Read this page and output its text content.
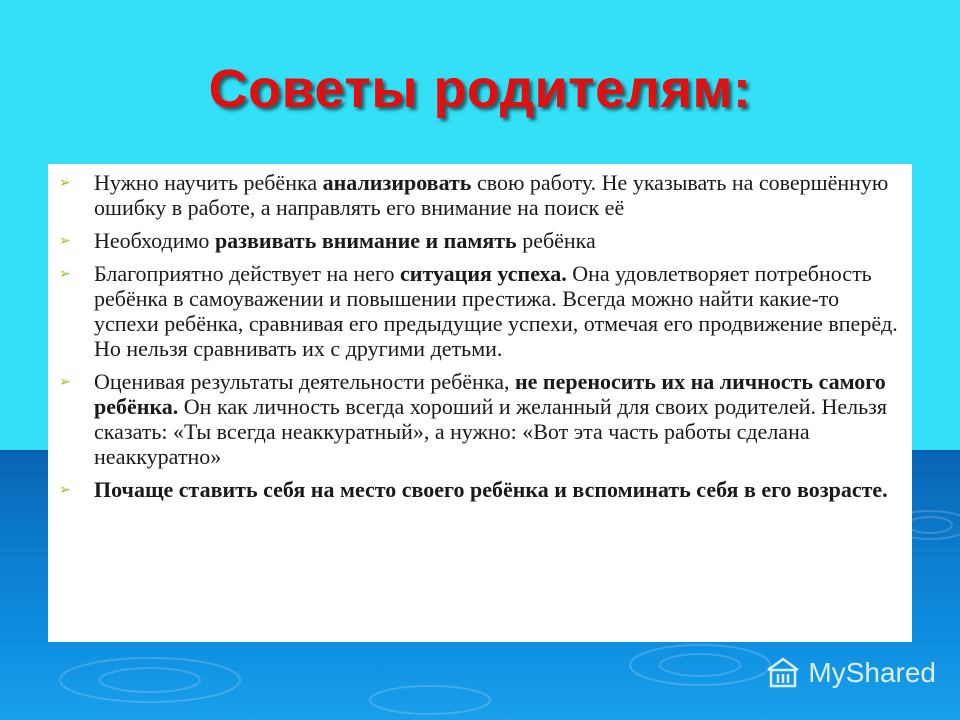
Советы родителям:
➢ Нужно научить ребёнка анализировать свою работу. Не указывать на совершённую ошибку в работе, а направлять его внимание на поиск её
➢ Необходимо развивать внимание и память ребёнка
➢ Благоприятно действует на него ситуация успеха. Она удовлетворяет потребность ребёнка в самоуважении и повышении престижа. Всегда можно найти какие-то успехи ребёнка, сравнивая его предыдущие успехи, отмечая его продвижение вперёд. Но нельзя сравнивать их с другими детьми.
➢ Оценивая результаты деятельности ребёнка, не переносить их на личность самого ребёнка. Он как личность всегда хороший и желанный для своих родителей. Нельзя сказать: «Ты всегда неаккуратный», а нужно: «Вот эта часть работы сделана неаккуратно»
➢ Почаще ставить себя на место своего ребёнка и вспоминать себя в его возрасте.
MyShared
